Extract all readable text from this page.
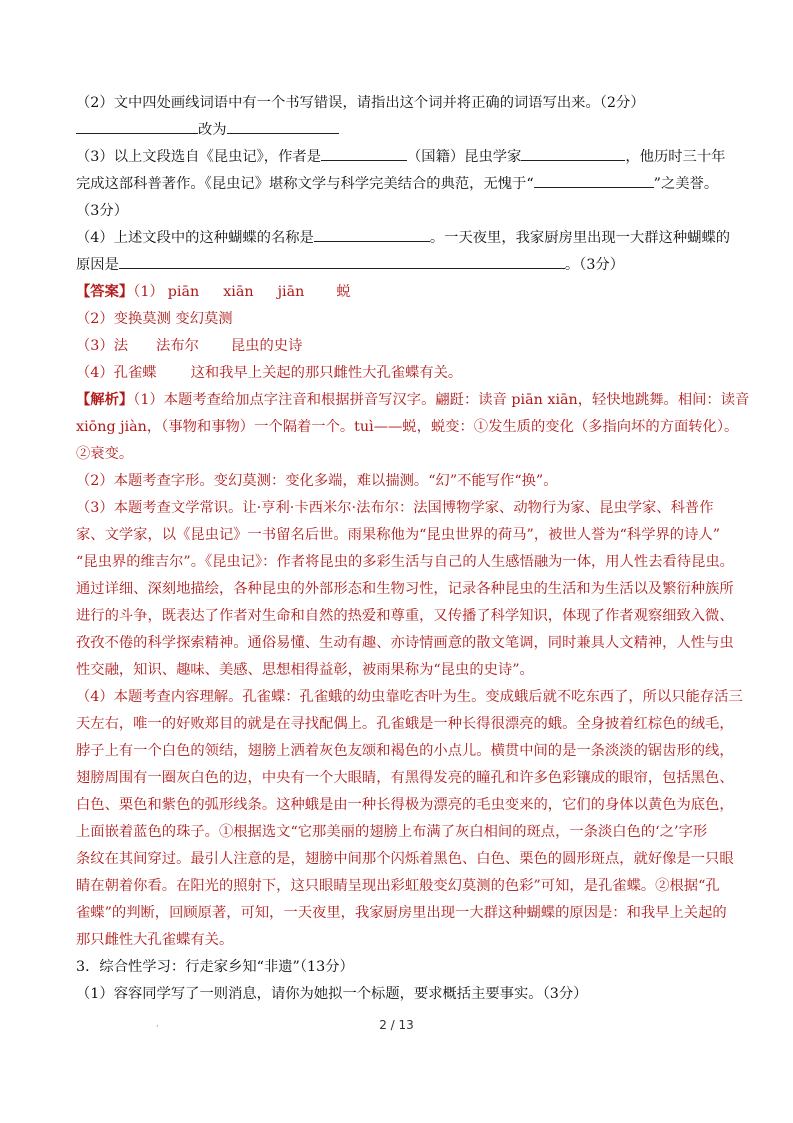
（2）文中四处画线词语中有一个书写错误，请指出这个词并将正确的词语写出来。（2分）
改为
（3）以上文段选自《昆虫记》，作者是	（国籍）昆虫学家	，他历时三十年
完成这部科普著作。《昆虫记》堪称文学与科学完美结合的典范，无愧于“	”之美誉。
（3分）
（4）上述文段中的这种蝴蝶的名称是	。一天夜里，我家厨房里出现一大群这种蝴蝶的
原因是	。（3分）
【答案】（1） piān xiān jiān 蜕
（2）变换莫测 变幻莫测
（3）法 法布尔 昆虫的史诗
（4）孔雀蝶 这和我早上关起的那只雌性大孔雀蝶有关。
【解析】（1）本题考查给加点字注音和根据拼音写汉字。翩跹：读音 piān xiān，轻快地跳舞。相间：读音
xiōng jiàn，（事物和事物）一个隔着一个。tuì——蜕，蜕变：①发生质的变化（多指向坏的方面转化）。
②衰变。
（2）本题考查字形。变幻莫测：变化多端，难以揣测。“幻”不能写作“换”。
（3）本题考查文学常识。让·亨利·卡西米尔·法布尔：法国博物学家、动物行为家、昆虫学家、科普作
家、文学家，以《昆虫记》一书留名后世。雨果称他为“昆虫世界的荷马”，被世人誉为“科学界的诗人”
“昆虫界的维吉尔”。《昆虫记》：作者将昆虫的多彩生活与自己的人生感悟融为一体，用人性去看待昆虫。
通过详细、深刻地描绘，各种昆虫的外部形态和生物习性，记录各种昆虫的生活和为生活以及繁衍种族所
进行的斗争，既表达了作者对生命和自然的热爱和尊重，又传播了科学知识，体现了作者观察细致入微、
孜孜不倦的科学探索精神。通俗易懂、生动有趣、亦诗情画意的散文笔调，同时兼具人文精神，人性与虫
性交融，知识、趣味、美感、思想相得益彰，被雨果称为“昆虫的史诗”。
（4）本题考查内容理解。孔雀蝶：孔雀蛾的幼虫靠吃杏叶为生。变成蛾后就不吃东西了，所以只能存活三
天左右，唯一的好败郑目的就是在寻找配偶上。孔雀蛾是一种长得很漂亮的蛾。全身披着红棕色的绒毛，
脖子上有一个白色的领结，翅膀上洒着灰色友颂和褐色的小点儿。横贯中间的是一条淡淡的锯齿形的线，
翅膀周围有一圈灰白色的边，中央有一个大眼睛，有黑得发亮的瞳孔和许多色彩镶成的眼帘，包括黑色、
白色、栗色和紫色的弧形线条。这种蛾是由一种长得极为漂亮的毛虫变来的，它们的身体以黄色为底色，
上面嵌着蓝色的珠子。①根据选文“它那美丽的翅膀上布满了灰白相间的斑点，一条淡白色的‘之’字形
条纹在其间穿过。最引人注意的是，翅膀中间那个闪烁着黑色、白色、栗色的圆形斑点，就好像是一只眼
睛在朝着你看。在阳光的照射下，这只眼睛呈现出彩虹般变幻莫测的色彩”可知，是孔雀蝶。②根据“孔
雀蝶”的判断，回顾原著，可知，一天夜里，我家厨房里出现一大群这种蝴蝶的原因是：和我早上关起的
那只雌性大孔雀蝶有关。
3．综合性学习：行走家乡知“非遗”（13分）
（1）容容同学写了一则消息，请你为她拟一个标题，要求概括主要事实。（3分）
·	2 / 13
